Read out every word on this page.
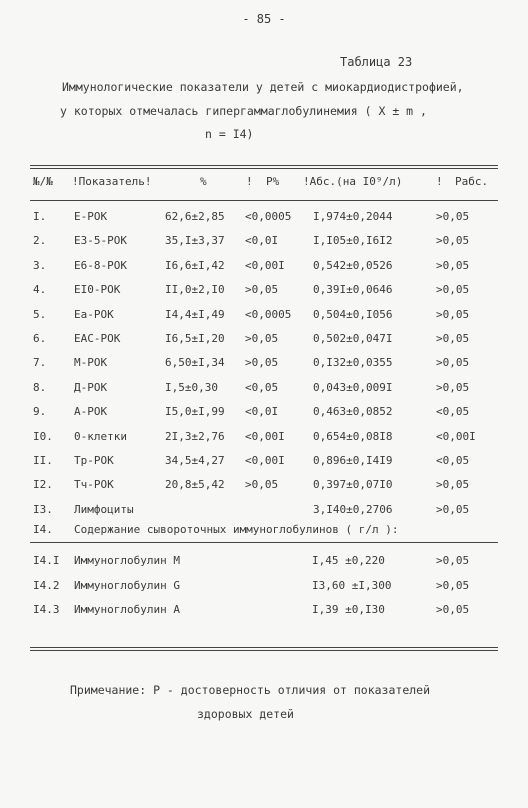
- 85 -
Таблица 23
Иммунологические показатели у детей с миокардиодистрофией,
у которых отмечалась гипергаммаглобулинемия ( X ± m ,
n = I4)
№/№ !Показатель!	%	! P% !Абс.(на I0⁹/л)	! Pабс.
I.	Е-РОК	62,6±2,85 <0,0005 I,974±0,2044	>0,05
2.	Е3-5-РОК	35,I±3,37 <0,0I	I,I05±0,I6I2	>0,05
3.	Е6-8-РОК	I6,6±I,42 <0,00I	0,542±0,0526	>0,05
4.	ЕI0-РОК	II,0±2,I0 >0,05	0,39I±0,0646	>0,05
5.	Еа-РОК	I4,4±I,49 <0,0005 0,504±0,I056	>0,05
6.	ЕАС-РОК	I6,5±I,20 >0,05	0,502±0,047I	>0,05
7.	М-РОК	6,50±I,34 >0,05	0,I32±0,0355	>0,05
8.	Д-РОК	I,5±0,30 <0,05	0,043±0,009I	>0,05
9.	А-РОК	I5,0±I,99 <0,0I	0,463±0,0852	<0,05
I0. 0-клетки	2I,3±2,76 <0,00I	0,654±0,08I8	<0,00I
II. Тр-РОК	34,5±4,27 <0,00I	0,896±0,I4I9	<0,05
I2. Тч-РОК	20,8±5,42 >0,05	0,397±0,07I0	>0,05
I3. Лимфоциты	3,I40±0,2706	>0,05
I4. Содержание сывороточных иммуноглобулинов ( г/л ):
I4.I Иммуноглобулин М	I,45 ±0,220	>0,05
I4.2 Иммуноглобулин G	I3,60 ±I,300	>0,05
I4.3 Иммуноглобулин А	I,39 ±0,I30	>0,05
Примечание: Р - достоверность отличия от показателей
здоровых детей
